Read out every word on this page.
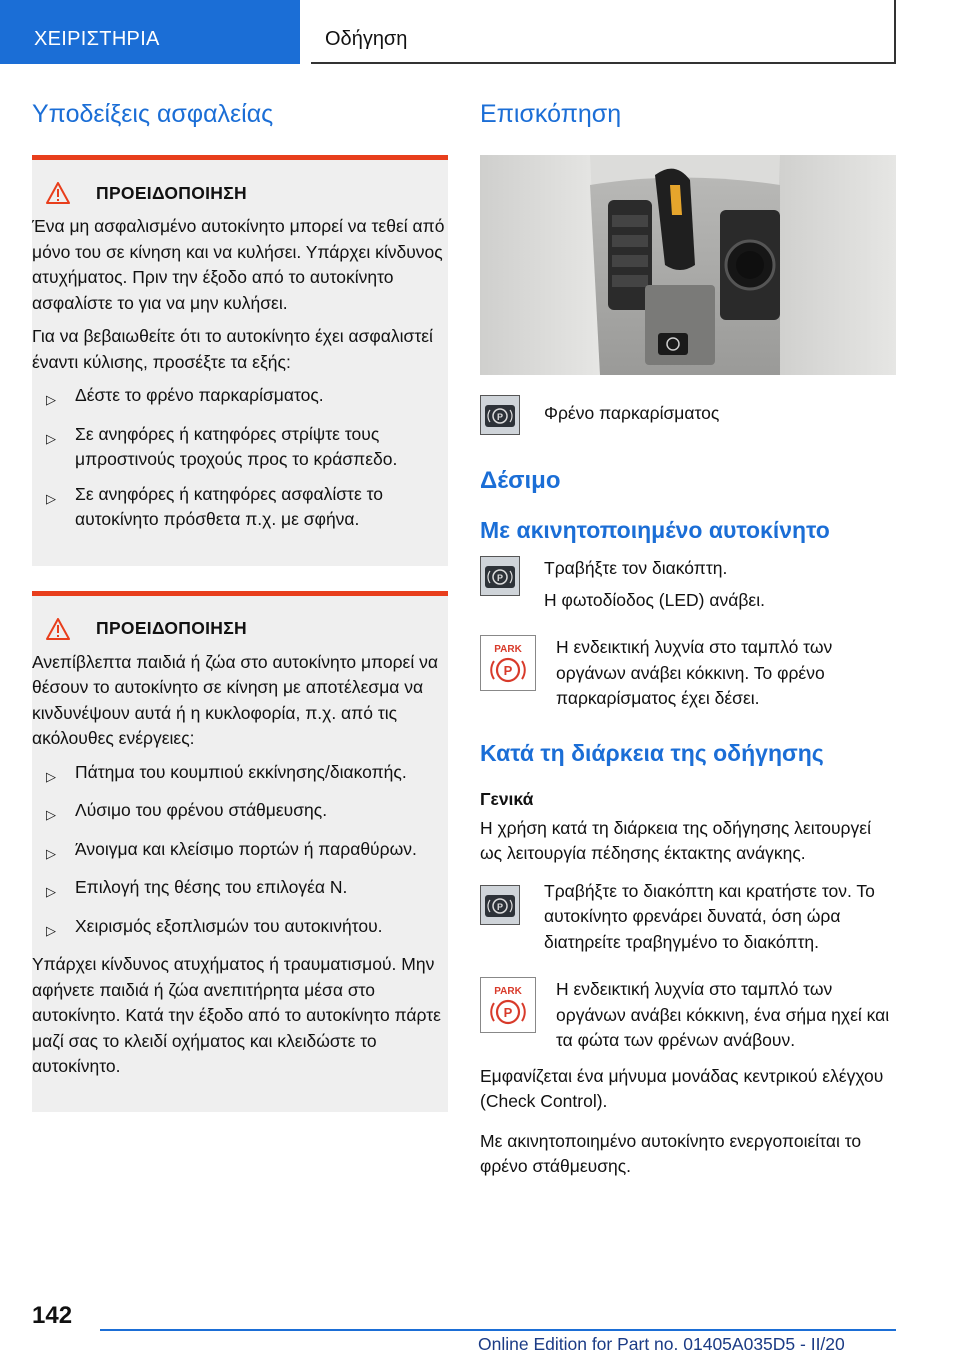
ΧΕΙΡΙΣΤΗΡΙΑ	Οδήγηση
Υποδείξεις ασφαλείας
ΠΡΟΕΙΔΟΠΟΙΗΣΗ

Ένα μη ασφαλισμένο αυτοκίνητο μπορεί να τεθεί από μόνο του σε κίνηση και να κυλήσει. Υπάρχει κίνδυνος ατυχήματος. Πριν την έξοδο από το αυτοκίνητο ασφαλίστε το για να μην κυλήσει.

Για να βεβαιωθείτε ότι το αυτοκίνητο έχει ασφαλιστεί έναντι κύλισης, προσέξτε τα εξής:

▷	Δέστε το φρένο παρκαρίσματος.
▷	Σε ανηφόρες ή κατηφόρες στρίψτε τους μπροστινούς τροχούς προς το κράσπεδο.
▷	Σε ανηφόρες ή κατηφόρες ασφαλίστε το αυτοκίνητο πρόσθετα π.χ. με σφήνα.
ΠΡΟΕΙΔΟΠΟΙΗΣΗ

Ανεπίβλεπτα παιδιά ή ζώα στο αυτοκίνητο μπορεί να θέσουν το αυτοκίνητο σε κίνηση με αποτέλεσμα να κινδυνέψουν αυτά ή η κυκλοφορία, π.χ. από τις ακόλουθες ενέργειες:

▷	Πάτημα του κουμπιού εκκίνησης/διακοπής.
▷	Λύσιμο του φρένου στάθμευσης.
▷	Άνοιγμα και κλείσιμο πορτών ή παραθύρων.
▷	Επιλογή της θέσης του επιλογέα N.
▷	Χειρισμός εξοπλισμών του αυτοκινήτου.

Υπάρχει κίνδυνος ατυχήματος ή τραυματισμού. Μην αφήνετε παιδιά ή ζώα ανεπιτήρητα μέσα στο αυτοκίνητο. Κατά την έξοδο από το αυτοκίνητο πάρτε μαζί σας το κλειδί οχήματος και κλειδώστε το αυτοκίνητο.

Επισκόπηση
P Φρένο παρκαρίσματος
Δέσιμο
Με ακινητοποιημένο αυτοκίνητο
P Τραβήξτε τον διακόπτη.
Η φωτοδίοδος (LED) ανάβει.
PARK
P
Η ενδεικτική λυχνία στο ταμπλό των οργάνων ανάβει κόκκινη. Το φρένο παρκαρίσματος έχει δέσει.
Κατά τη διάρκεια της οδήγησης
Γενικά
Η χρήση κατά τη διάρκεια της οδήγησης λειτουργεί ως λειτουργία πέδησης έκτακτης ανάγκης.
P
Τραβήξτε το διακόπτη και κρατήστε τον. Το αυτοκίνητο φρενάρει δυνατά, όση ώρα διατηρείτε τραβηγμένο το διακόπτη.
PARK
P
Η ενδεικτική λυχνία στο ταμπλό των οργάνων ανάβει κόκκινη, ένα σήμα ηχεί και τα φώτα των φρένων ανάβουν.
Εμφανίζεται ένα μήνυμα μονάδας κεντρικού ελέγχου (Check Control).
Με ακινητοποιημένο αυτοκίνητο ενεργοποιείται το φρένο στάθμευσης.
142
Online Edition for Part no. 01405A035D5 - II/20
